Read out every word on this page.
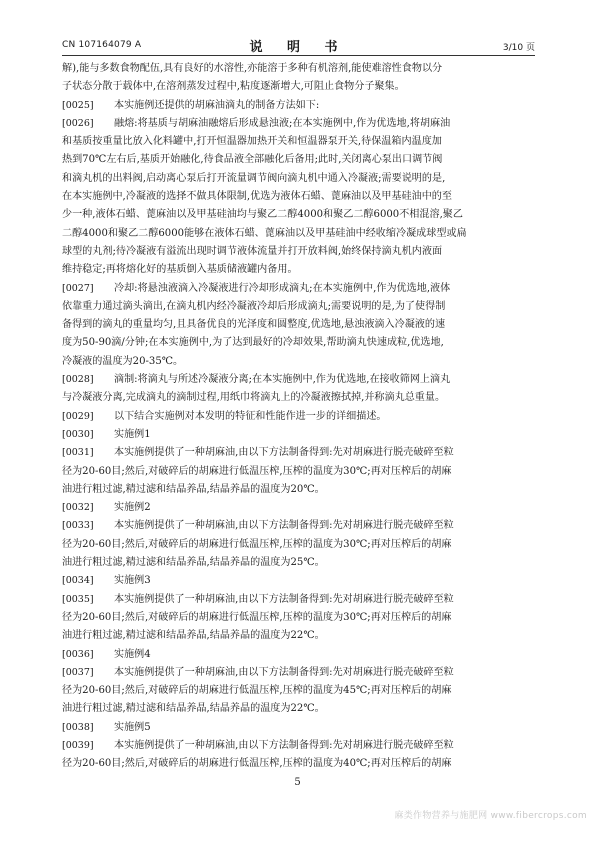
CN 107164079 A	说 明 书	3/10 页
解),能与多数食物配伍,具有良好的水溶性,亦能溶于多种有机溶剂,能使难溶性食物以分
子状态分散于载体中,在溶剂蒸发过程中,粘度逐渐增大,可阻止食物分子聚集。
[0025] 本实施例还提供的胡麻油滴丸的制备方法如下:
[0026] 融熔:将基质与胡麻油融熔后形成悬浊液;在本实施例中,作为优选地,将胡麻油
和基质按重量比放入化料罐中,打开恒温器加热开关和恒温器泵开关,待保温箱内温度加
热到70℃左右后,基质开始融化,待食品液全部融化后备用;此时,关闭离心泵出口调节阀
和滴丸机的出料阀,启动离心泵后打开流量调节阀向滴丸机中通入冷凝液;需要说明的是,
在本实施例中,冷凝液的选择不做具体限制,优选为液体石蜡、蓖麻油以及甲基硅油中的至
少一种,液体石蜡、蓖麻油以及甲基硅油均与聚乙二醇4000和聚乙二醇6000不相混溶,聚乙
二醇4000和聚乙二醇6000能够在液体石蜡、蓖麻油以及甲基硅油中经收缩冷凝成球型或扁
球型的丸剂;待冷凝液有溢流出现时调节液体流量并打开放料阀,始终保持滴丸机内液面
维持稳定;再将熔化好的基质倒入基质储液罐内备用。
[0027] 冷却:将悬浊液滴入冷凝液进行冷却形成滴丸;在本实施例中,作为优选地,液体
依靠重力通过滴头滴出,在滴丸机内经冷凝液冷却后形成滴丸;需要说明的是,为了使得制
备得到的滴丸的重量均匀,且具备优良的光泽度和圆整度,优选地,悬浊液滴入冷凝液的速
度为50-90滴/分钟;在本实施例中,为了达到最好的冷却效果,帮助滴丸快速成粒,优选地,
冷凝液的温度为20-35℃。
[0028] 滴制:将滴丸与所述冷凝液分离;在本实施例中,作为优选地,在接收筛网上滴丸
与冷凝液分离,完成滴丸的滴制过程,用纸巾将滴丸上的冷凝液擦拭掉,并称滴丸总重量。
[0029] 以下结合实施例对本发明的特征和性能作进一步的详细描述。
[0030] 实施例1
[0031] 本实施例提供了一种胡麻油,由以下方法制备得到:先对胡麻进行脱壳破碎至粒
径为20-60目;然后,对破碎后的胡麻进行低温压榨,压榨的温度为30℃;再对压榨后的胡麻
油进行粗过滤,精过滤和结晶养晶,结晶养晶的温度为20℃。
[0032] 实施例2
[0033] 本实施例提供了一种胡麻油,由以下方法制备得到:先对胡麻进行脱壳破碎至粒
径为20-60目;然后,对破碎后的胡麻进行低温压榨,压榨的温度为30℃;再对压榨后的胡麻
油进行粗过滤,精过滤和结晶养晶,结晶养晶的温度为25℃。
[0034] 实施例3
[0035] 本实施例提供了一种胡麻油,由以下方法制备得到:先对胡麻进行脱壳破碎至粒
径为20-60目;然后,对破碎后的胡麻进行低温压榨,压榨的温度为30℃;再对压榨后的胡麻
油进行粗过滤,精过滤和结晶养晶,结晶养晶的温度为22℃。
[0036] 实施例4
[0037] 本实施例提供了一种胡麻油,由以下方法制备得到:先对胡麻进行脱壳破碎至粒
径为20-60目;然后,对破碎后的胡麻进行低温压榨,压榨的温度为45℃;再对压榨后的胡麻
油进行粗过滤,精过滤和结晶养晶,结晶养晶的温度为22℃。
[0038] 实施例5
[0039] 本实施例提供了一种胡麻油,由以下方法制备得到:先对胡麻进行脱壳破碎至粒
径为20-60目;然后,对破碎后的胡麻进行低温压榨,压榨的温度为40℃;再对压榨后的胡麻
5
麻类作物营养与施肥网 www.fibercrops.com
